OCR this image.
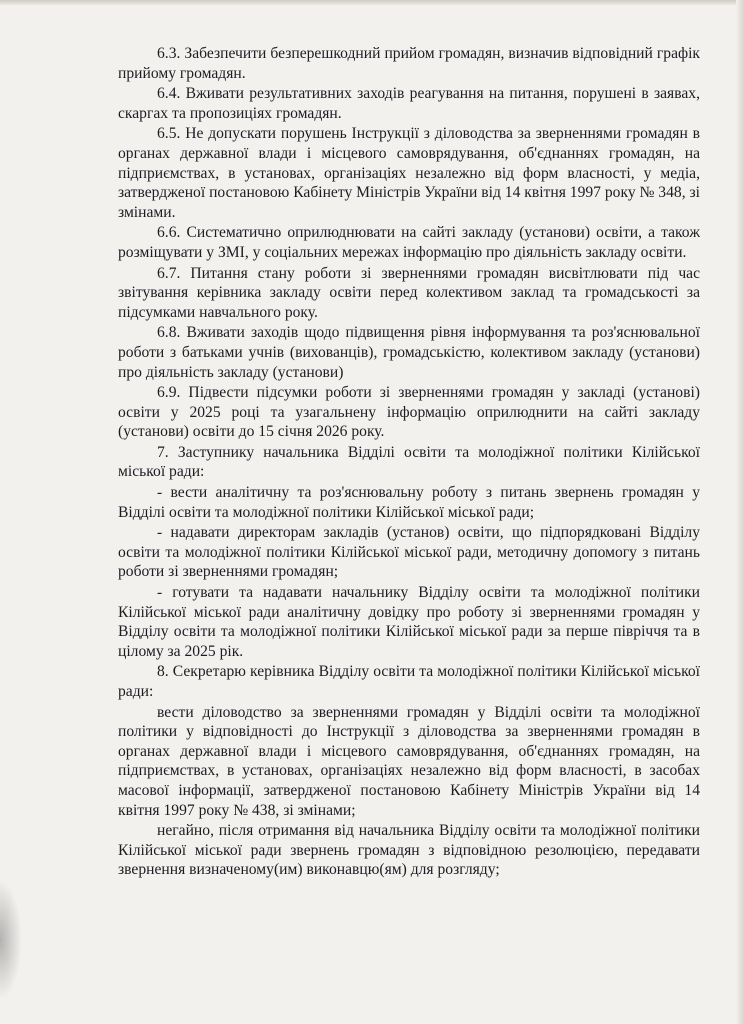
6.3. Забезпечити безперешкодний прийом громадян, визначив відповідний графік прийому громадян.

6.4. Вживати результативних заходів реагування на питання, порушені в заявах, скаргах та пропозиціях громадян.

6.5. Не допускати порушень Інструкції з діловодства за зверненнями громадян в органах державної влади і місцевого самоврядування, об'єднаннях громадян, на підприємствах, в установах, організаціях незалежно від форм власності, у медіа, затвердженої постановою Кабінету Міністрів України від 14 квітня 1997 року № 348, зі змінами.

6.6. Систематично оприлюднювати на сайті закладу (установи) освіти, а також розміщувати у ЗМІ, у соціальних мережах інформацію про діяльність закладу освіти.

6.7. Питання стану роботи зі зверненнями громадян висвітлювати під час звітування керівника закладу освіти перед колективом заклад та громадськості за підсумками навчального року.

6.8. Вживати заходів щодо підвищення рівня інформування та роз'яснювальної роботи з батьками учнів (вихованців), громадськістю, колективом закладу (установи) про діяльність закладу (установи)

6.9. Підвести підсумки роботи зі зверненнями громадян у закладі (установі) освіти у 2025 році та узагальнену інформацію оприлюднити на сайті закладу (установи) освіти до 15 січня 2026 року.

7. Заступнику начальника Відділі освіти та молодіжної політики Кілійської міської ради:

- вести аналітичну та роз'яснювальну роботу з питань звернень громадян у Відділі освіти та молодіжної політики Кілійської міської ради;

- надавати директорам закладів (установ) освіти, що підпорядковані Відділу освіти та молодіжної політики Кілійської міської ради, методичну допомогу з питань роботи зі зверненнями громадян;

- готувати та надавати начальнику Відділу освіти та молодіжної політики Кілійської міської ради аналітичну довідку про роботу зі зверненнями громадян у Відділу освіти та молодіжної політики Кілійської міської ради за перше півріччя та в цілому за 2025 рік.

8. Секретарю керівника Відділу освіти та молодіжної політики Кілійської міської ради:

вести діловодство за зверненнями громадян у Відділі освіти та молодіжної політики у відповідності до Інструкції з діловодства за зверненнями громадян в органах державної влади і місцевого самоврядування, об'єднаннях громадян, на підприємствах, в установах, організаціях незалежно від форм власності, в засобах масової інформації, затвердженої постановою Кабінету Міністрів України від 14 квітня 1997 року № 438, зі змінами;

негайно, після отримання від начальника Відділу освіти та молодіжної політики Кілійської міської ради звернень громадян з відповідною резолюцією, передавати звернення визначеному(им) виконавцю(ям) для розгляду;
